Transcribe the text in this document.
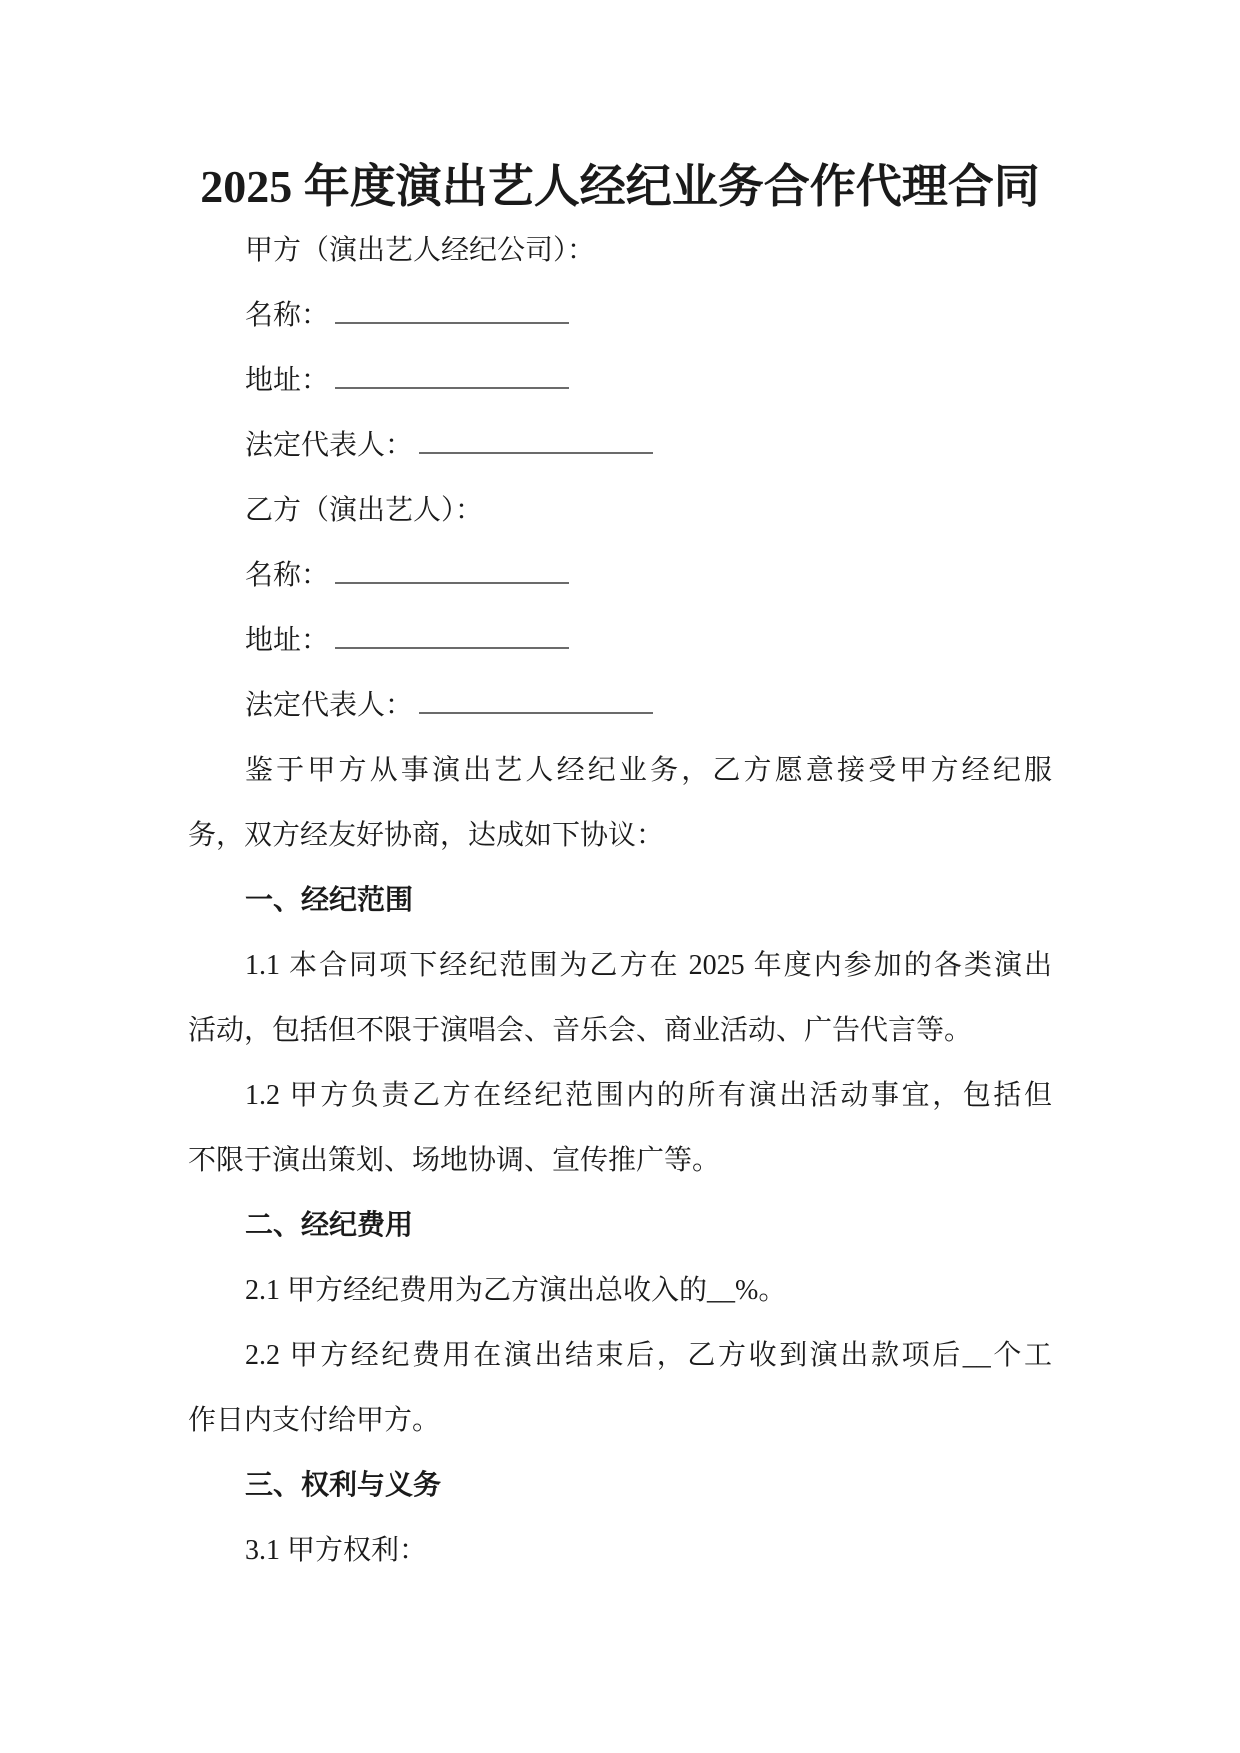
2025 年度演出艺人经纪业务合作代理合同
甲方（演出艺人经纪公司）：
名称：
地址：
法定代表人：
乙方（演出艺人）：
名称：
地址：
法定代表人：
鉴于甲方从事演出艺人经纪业务，乙方愿意接受甲方经纪服
务，双方经友好协商，达成如下协议：
一、经纪范围
1.1 本合同项下经纪范围为乙方在 2025 年度内参加的各类演出
活动，包括但不限于演唱会、音乐会、商业活动、广告代言等。
1.2 甲方负责乙方在经纪范围内的所有演出活动事宜，包括但
不限于演出策划、场地协调、宣传推广等。
二、经纪费用
2.1 甲方经纪费用为乙方演出总收入的__%。
2.2 甲方经纪费用在演出结束后，乙方收到演出款项后__个工
作日内支付给甲方。
三、权利与义务
3.1 甲方权利：
